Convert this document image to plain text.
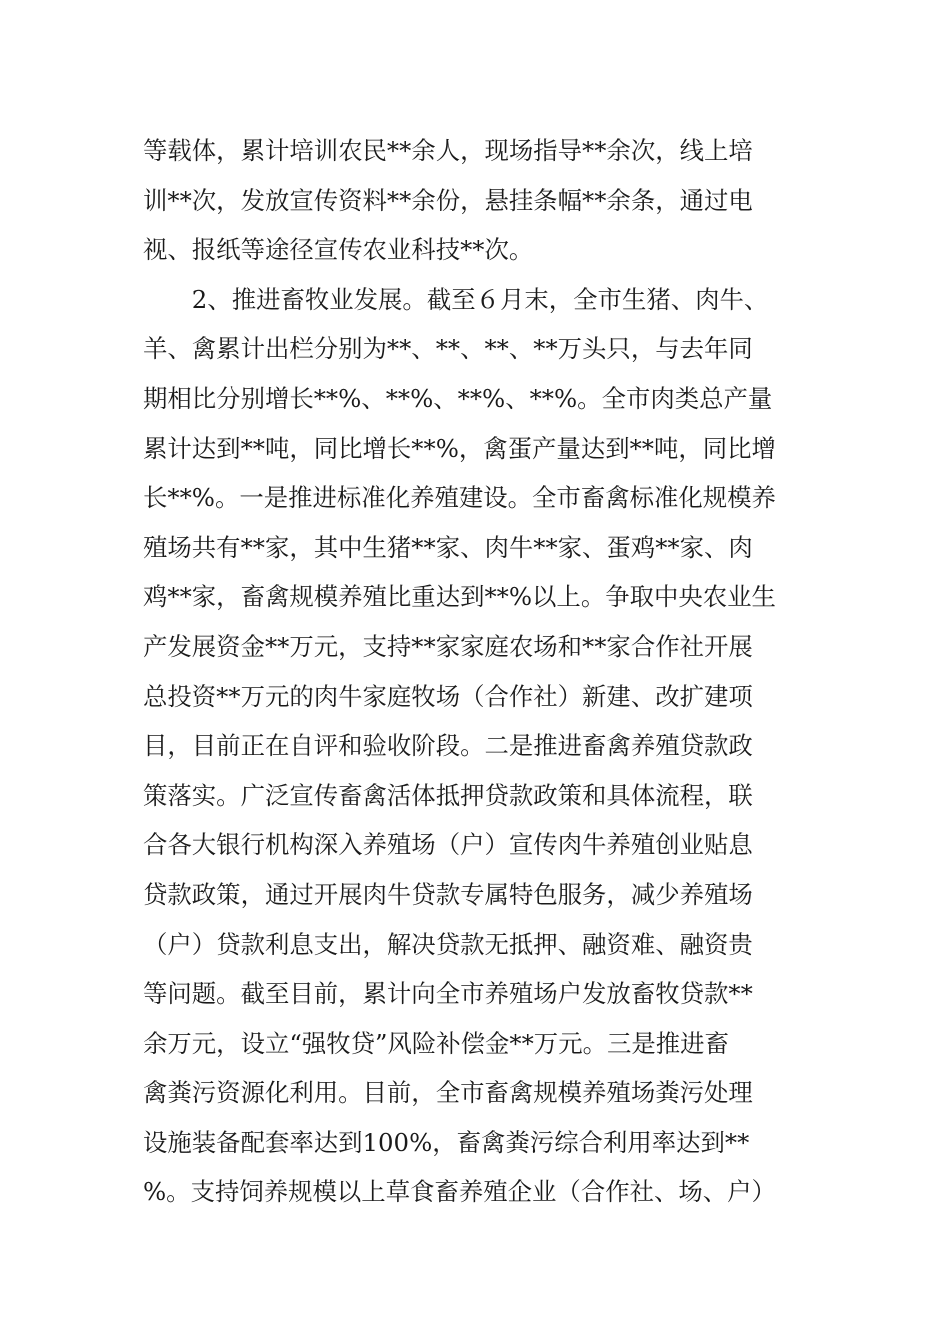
等载体，累计培训农民**余人，现场指导**余次，线上培
训**次，发放宣传资料**余份，悬挂条幅**余条，通过电
视、报纸等途径宣传农业科技**次。
　　2、推进畜牧业发展。截至６月末，全市生猪、肉牛、
羊、禽累计出栏分别为**、**、**、**万头只，与去年同
期相比分别增长**%、**%、**%、**%。全市肉类总产量
累计达到**吨，同比增长**%，禽蛋产量达到**吨，同比增
长**%。一是推进标准化养殖建设。全市畜禽标准化规模养
殖场共有**家，其中生猪**家、肉牛**家、蛋鸡**家、肉
鸡**家，畜禽规模养殖比重达到**%以上。争取中央农业生
产发展资金**万元，支持**家家庭农场和**家合作社开展
总投资**万元的肉牛家庭牧场（合作社）新建、改扩建项
目，目前正在自评和验收阶段。二是推进畜禽养殖贷款政
策落实。广泛宣传畜禽活体抵押贷款政策和具体流程，联
合各大银行机构深入养殖场（户）宣传肉牛养殖创业贴息
贷款政策，通过开展肉牛贷款专属特色服务，减少养殖场
（户）贷款利息支出，解决贷款无抵押、融资难、融资贵
等问题。截至目前，累计向全市养殖场户发放畜牧贷款**
余万元，设立“强牧贷”风险补偿金**万元。三是推进畜
禽粪污资源化利用。目前，全市畜禽规模养殖场粪污处理
设施装备配套率达到100%，畜禽粪污综合利用率达到**
%。支持饲养规模以上草食畜养殖企业（合作社、场、户）
